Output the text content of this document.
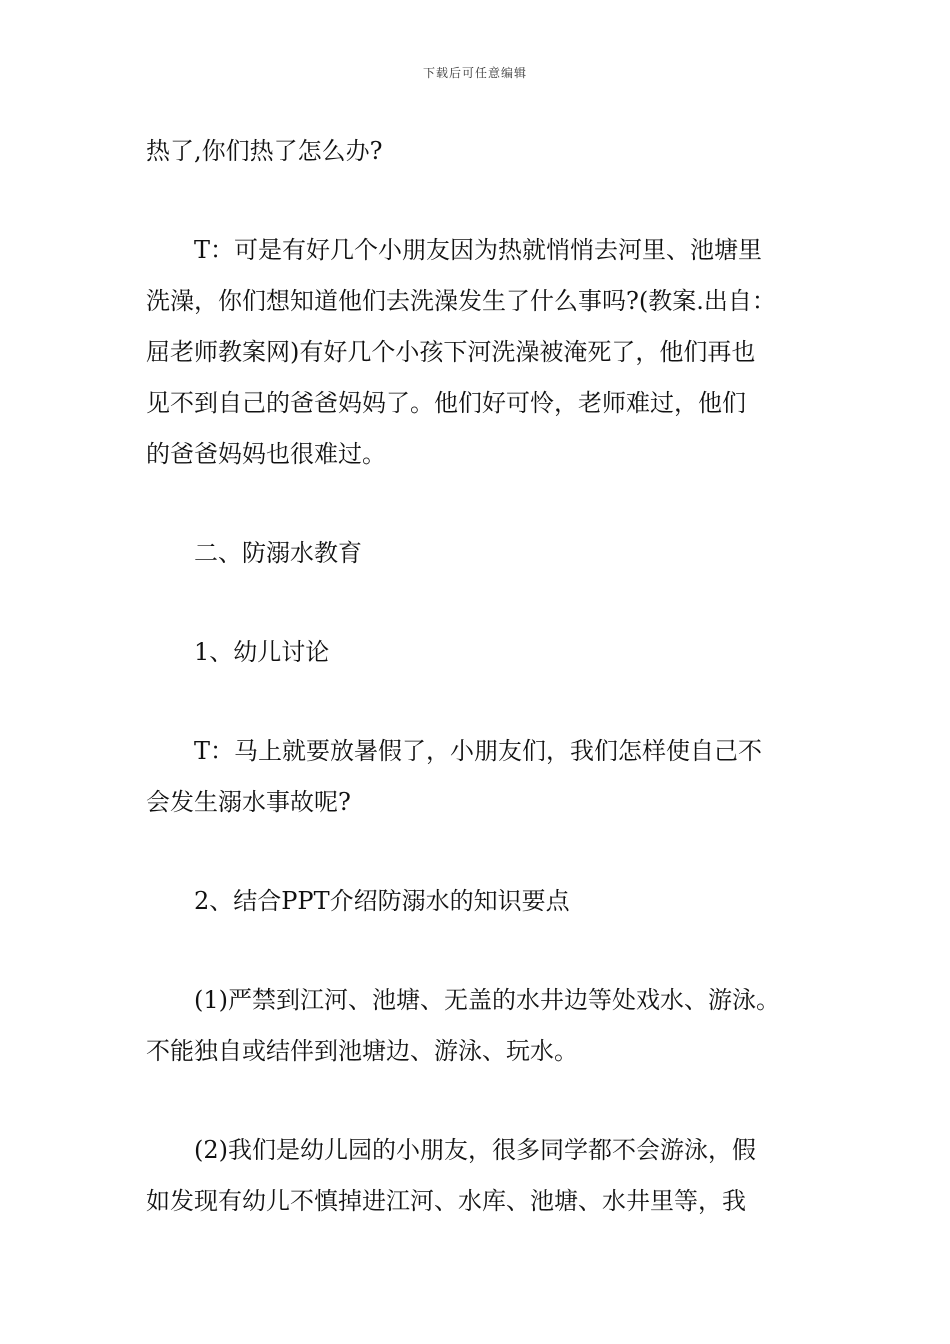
下载后可任意编辑

热了,你们热了怎么办?

T：可是有好几个小朋友因为热就悄悄去河里、池塘里
洗澡，你们想知道他们去洗澡发生了什么事吗?(教案.出自：
屈老师教案网)有好几个小孩下河洗澡被淹死了，他们再也
见不到自己的爸爸妈妈了。他们好可怜，老师难过，他们
的爸爸妈妈也很难过。

二、防溺水教育

1、幼儿讨论

T：马上就要放暑假了，小朋友们，我们怎样使自己不
会发生溺水事故呢?

2、结合PPT介绍防溺水的知识要点

(1)严禁到江河、池塘、无盖的水井边等处戏水、游泳。
不能独自或结伴到池塘边、游泳、玩水。

(2)我们是幼儿园的小朋友，很多同学都不会游泳，假
如发现有幼儿不慎掉进江河、水库、池塘、水井里等，我
